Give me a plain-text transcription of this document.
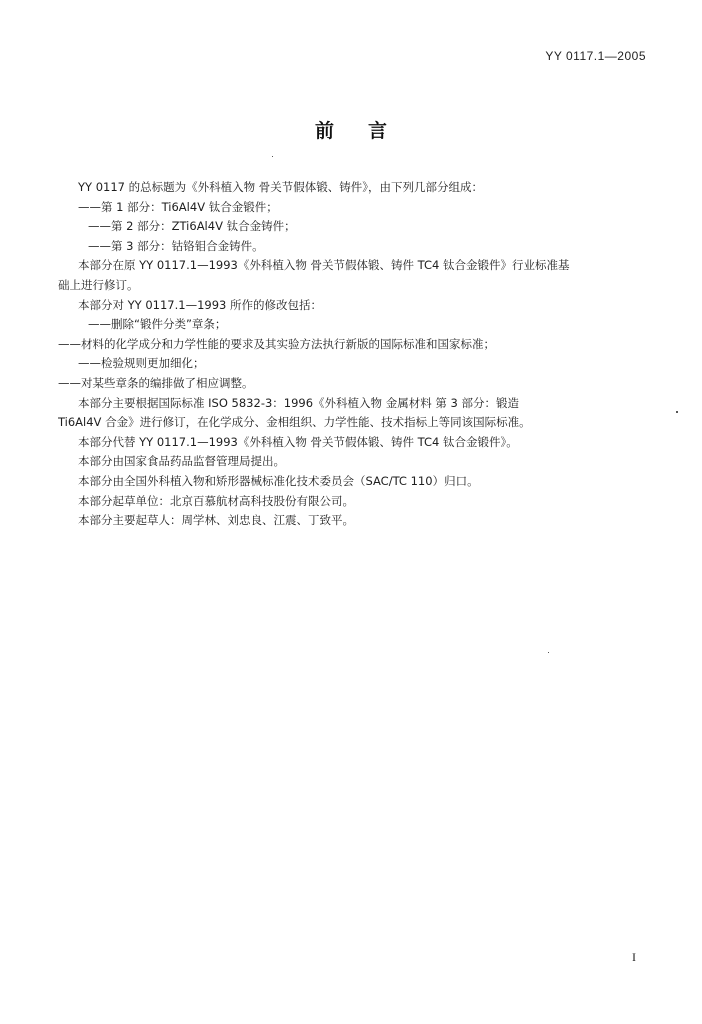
YY 0117.1—2005
前言
YY 0117 的总标题为《外科植入物 骨关节假体锻、铸件》，由下列几部分组成：
——第 1 部分：Ti6Al4V 钛合金锻件；
——第 2 部分：ZTi6Al4V 钛合金铸件；
——第 3 部分：钴铬钼合金铸件。
本部分在原 YY 0117.1—1993《外科植入物 骨关节假体锻、铸件 TC4 钛合金锻件》行业标准基
础上进行修订。
本部分对 YY 0117.1—1993 所作的修改包括：
——删除“锻件分类”章条；
——材料的化学成分和力学性能的要求及其实验方法执行新版的国际标准和国家标准；
——检验规则更加细化；
——对某些章条的编排做了相应调整。
本部分主要根据国际标准 ISO 5832-3：1996《外科植入物 金属材料 第 3 部分：锻造
Ti6Al4V 合金》进行修订，在化学成分、金相组织、力学性能、技术指标上等同该国际标准。
本部分代替 YY 0117.1—1993《外科植入物 骨关节假体锻、铸件 TC4 钛合金锻件》。
本部分由国家食品药品监督管理局提出。
本部分由全国外科植入物和矫形器械标准化技术委员会（SAC/TC 110）归口。
本部分起草单位：北京百慕航材高科技股份有限公司。
本部分主要起草人：周学林、刘忠良、江震、丁致平。
I
